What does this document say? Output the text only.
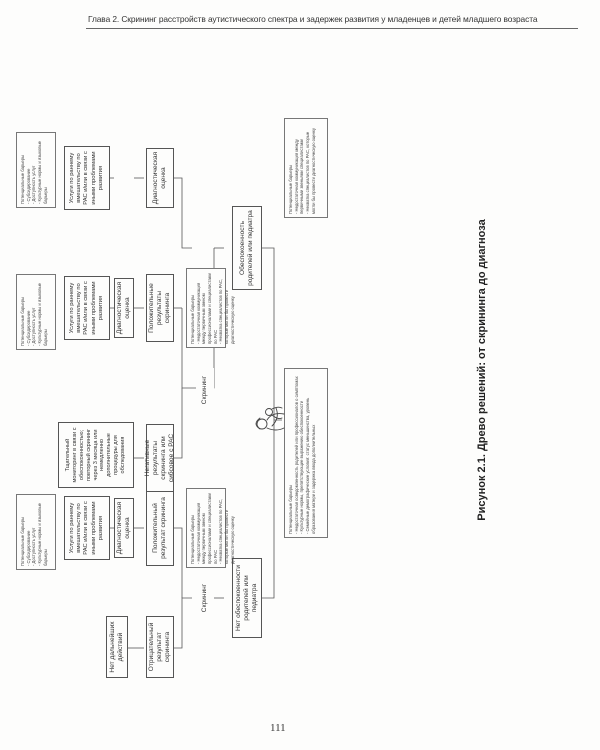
Глава 2. Скрининг расстройств аутистического спектра и задержек развития у младенцев и детей младшего возраста
Нет обеспокоенности родителей или педиатра
Обеспокоенность родителей или педиатра
Скрининг
Скрининг
Отрицательный результат скрининга
Положительный результат скрининга
Негативные результаты скрининга или сибсовое с РАС
Положительные результаты скрининга
Диагностическая оценка
Нет дальнейших действий
Диагностическая оценка
Тщательный мониторинг в связи с обеспокоенностью; повторный скрининг через 3 месяца или немедленно дополнительные процедуры для обследования
Диагностическая оценка
Услуги по раннему вмешательству по РАС и/или в связи с иными проблемами развития
Услуги по раннему вмешательству по РАС и/или в связи с иными проблемами развития
Услуги по раннему вмешательству по РАС и/или в связи с иными проблемами развития
Потенциальные барьеры - Недостаточная осведомленность родителей или профессионалов о симптомах - Культурные нормы, препятствующие выражению обеспокоенности - Семейные демографические условия: статус меньшинства, уровень образования матери и задержка ввода дополнительных
Потенциальные барьеры - Недостаточная коммуникация между первичными звеньями специалистами - Нехватка специалистов по РАС, которые могли бы провести диагностическую оценку
Потенциальные барьеры - Недостаточная коммуникация между первичным звеном профессионалами и специалистами по РАС - Нехватка специалистов по РАС, которые могли бы провести диагностическую оценку
Потенциальные барьеры - Недостаточная коммуникация между первичным звеном профессионалами и специалистами по РАС - Нехватка специалистов по РАС, которые могли бы провести диагностическую оценку
Потенциальные барьеры - Субсидирование - Доступность услуг - Культурные нормы и языковые барьеры
Потенциальные барьеры - Субсидирование - Доступность услуг - Культурные нормы и языковые барьеры
Потенциальные барьеры - Субсидирование - Доступность услуг - Культурные нормы и языковые барьеры
Рисунок 2.1. Древо решений: от скрининга до диагноза
111
